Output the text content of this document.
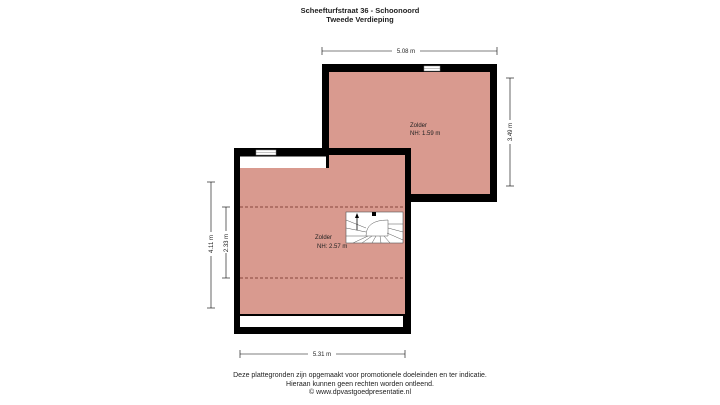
Scheefturfstraat 36 - Schoonoord
Tweede Verdieping
5.08 m
3.49 m
4.11 m 2.33 m
5.31 m
Zolder
NH: 1.59 m
Zolder
NH: 2.57 m
Deze plattegronden zijn opgemaakt voor promotionele doeleinden en ter indicatie.
Hieraan kunnen geen rechten worden ontleend.
© www.dpvastgoedpresentatie.nl
